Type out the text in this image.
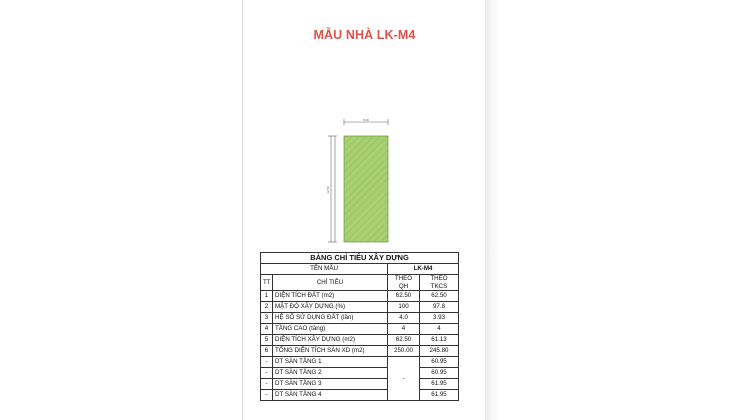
MẪU NHÀ LK-M4
5.00
12.50
BẢNG CHỈ TIÊU XÂY DỰNG			
TÊN MẪU		LK-M4	
TT	CHỈ TIÊU	THEO QH	THEO TKCS
1	DIỆN TÍCH ĐẤT (m2)	62.50	62.50
2	MẬT ĐỘ XÂY DỰNG (%)	100	97.8
3	HỆ SỐ SỬ DỤNG ĐẤT (lần)	4.0	3.93
4	TẦNG CAO (tầng)	4	4
5	DIỆN TÍCH XÂY DỰNG (m2)	62.50	61.13
6	TỔNG DIỆN TÍCH SÀN XD (m2)	250.00	245.80
-	DT SÀN TẦNG 1	-	60.95
-	DT SÀN TẦNG 2		60.95
-	DT SÀN TẦNG 3		61.95
-	DT SÀN TẦNG 4		61.95
